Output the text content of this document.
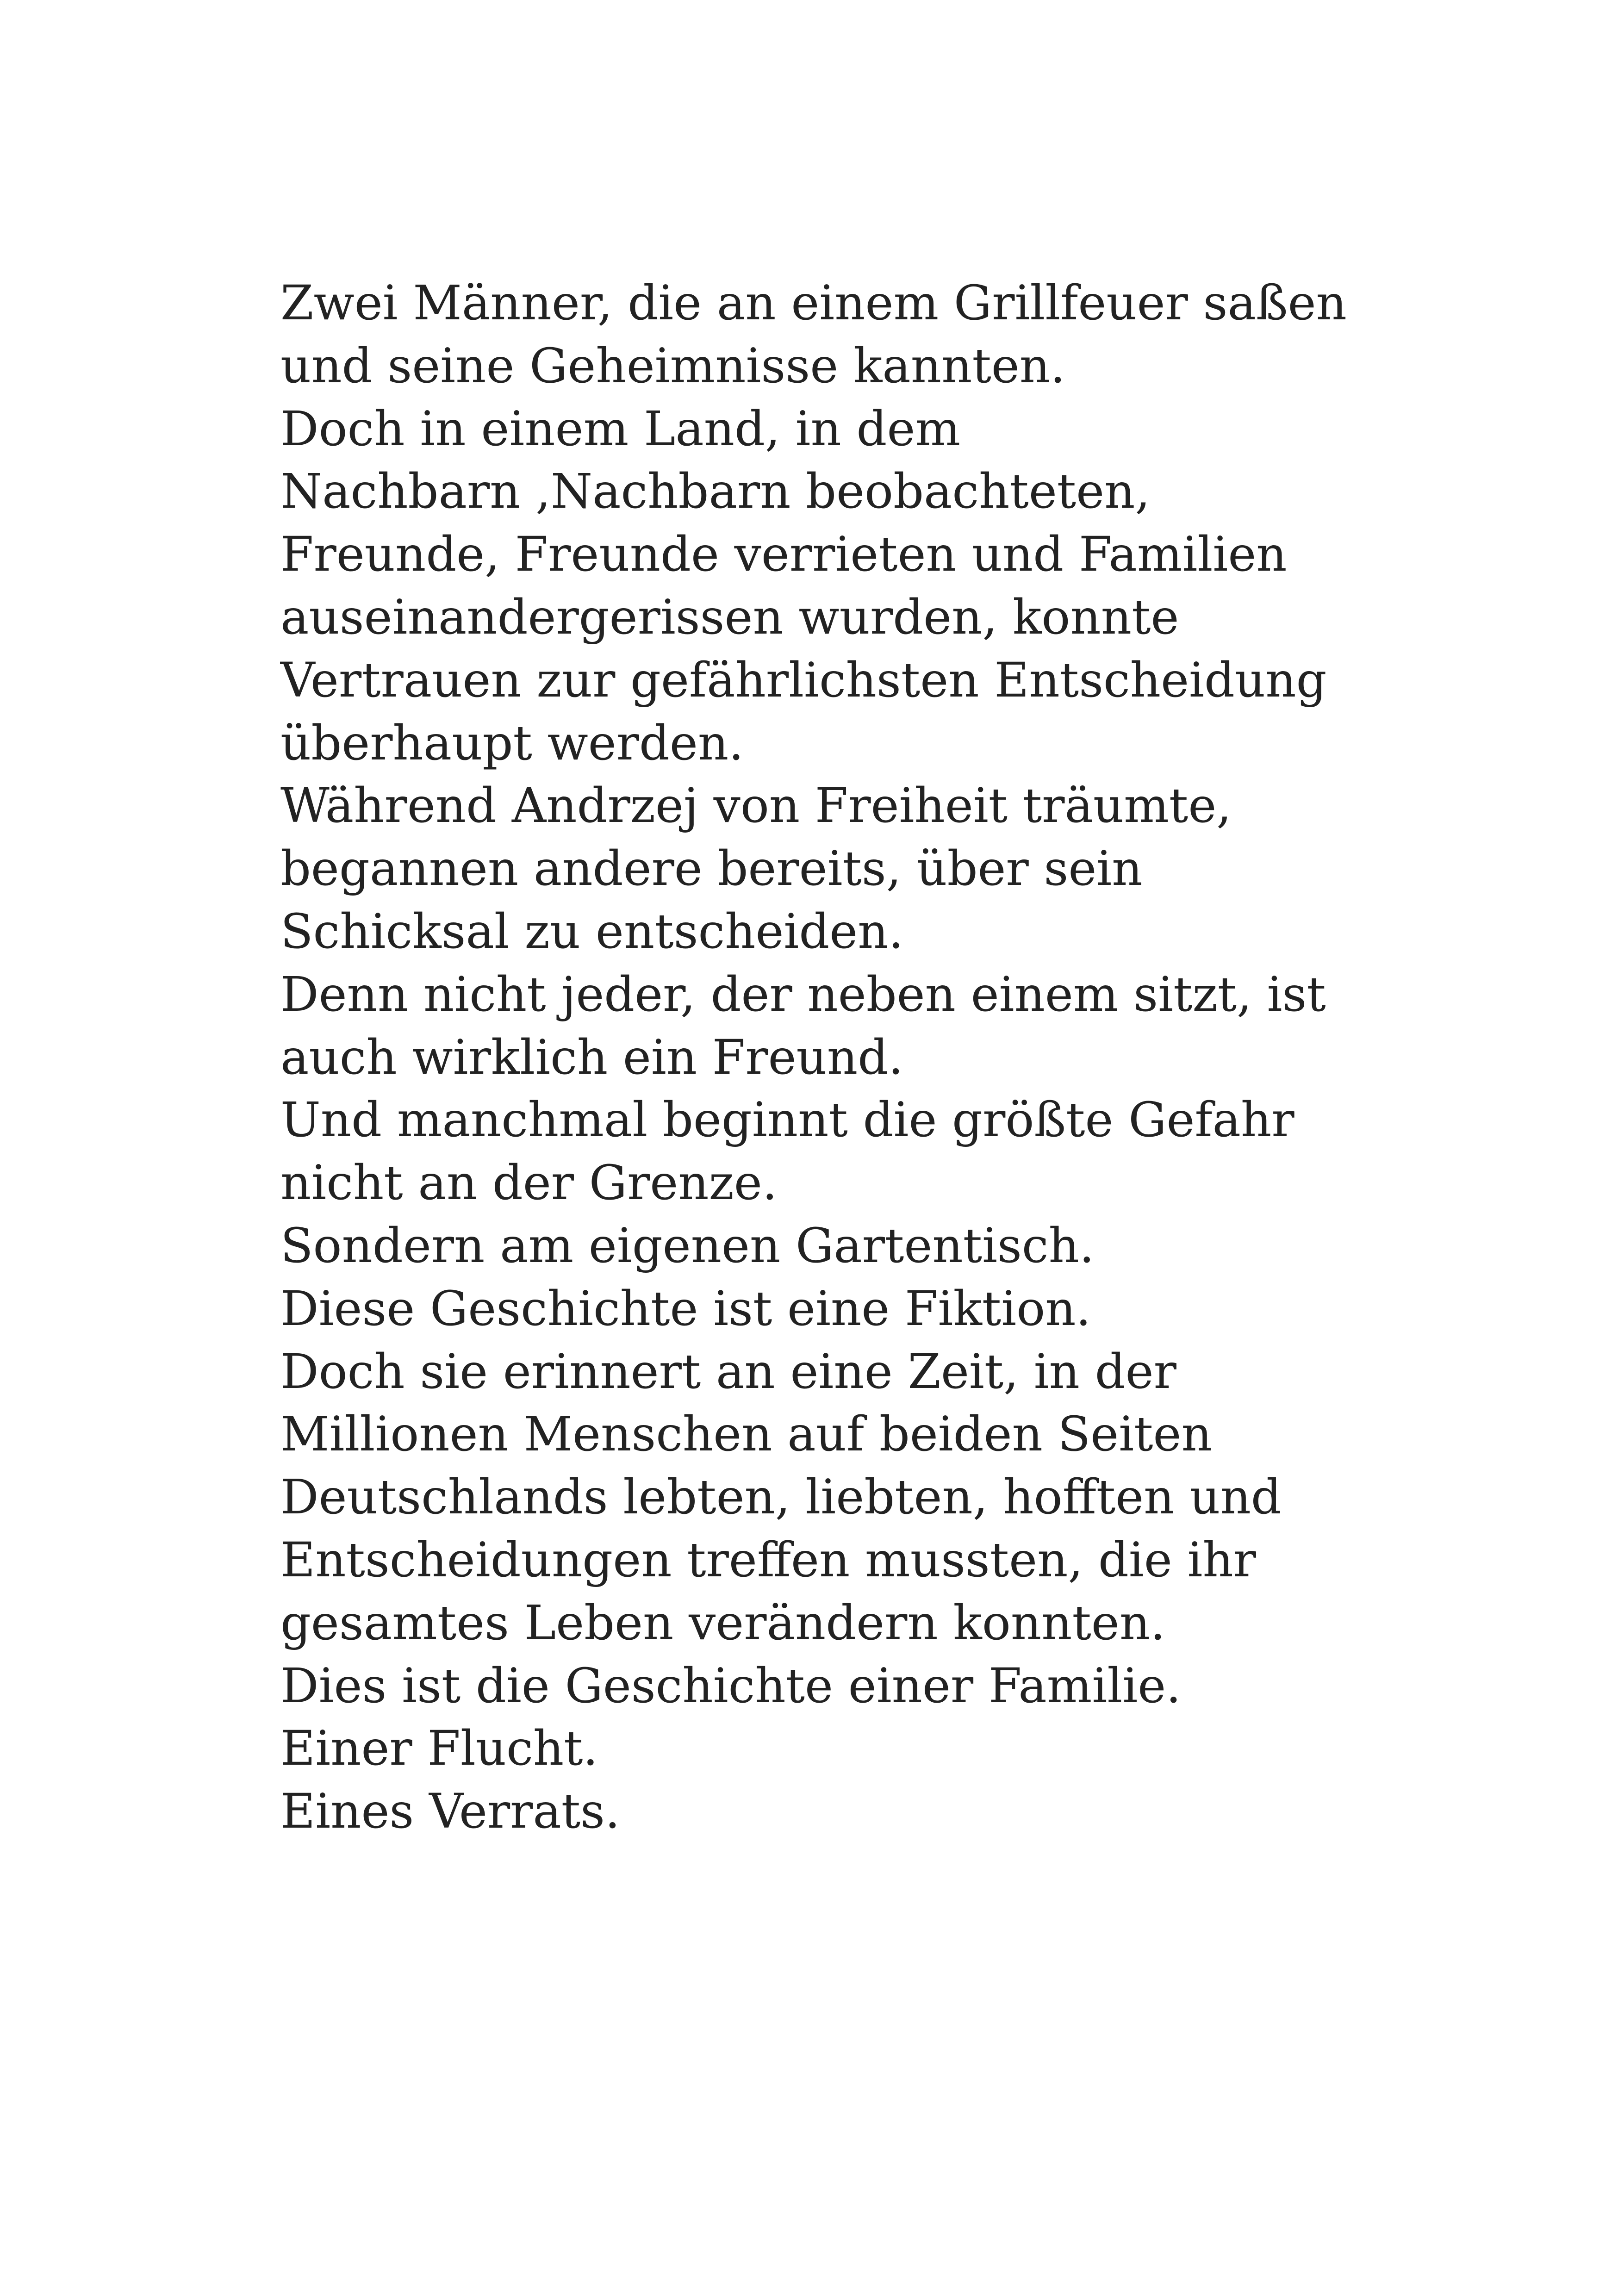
Zwei Männer, die an einem Grillfeuer saßen
und seine Geheimnisse kannten.
Doch in einem Land, in dem
Nachbarn ,Nachbarn beobachteten,
Freunde, Freunde verrieten und Familien
auseinandergerissen wurden, konnte
Vertrauen zur gefährlichsten Entscheidung
überhaupt werden.
Während Andrzej von Freiheit träumte,
begannen andere bereits, über sein
Schicksal zu entscheiden.
Denn nicht jeder, der neben einem sitzt, ist
auch wirklich ein Freund.
Und manchmal beginnt die größte Gefahr
nicht an der Grenze.
Sondern am eigenen Gartentisch.
Diese Geschichte ist eine Fiktion.
Doch sie erinnert an eine Zeit, in der
Millionen Menschen auf beiden Seiten
Deutschlands lebten, liebten, hofften und
Entscheidungen treffen mussten, die ihr
gesamtes Leben verändern konnten.
Dies ist die Geschichte einer Familie.
Einer Flucht.
Eines Verrats.
